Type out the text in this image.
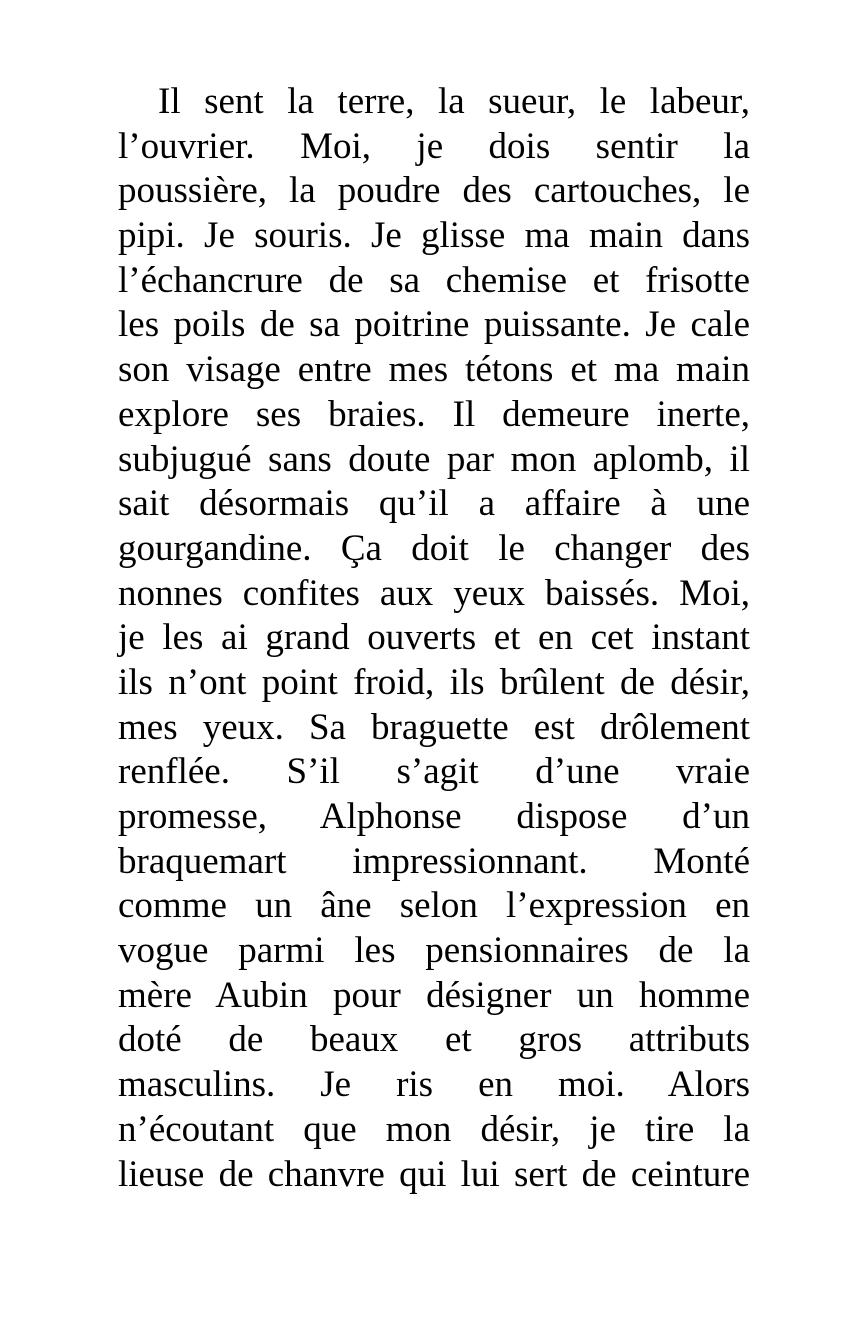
Il sent la terre, la sueur, le labeur,
l’ouvrier. Moi, je dois sentir la
poussière, la poudre des cartouches, le
pipi. Je souris. Je glisse ma main dans
l’échancrure de sa chemise et frisotte
les poils de sa poitrine puissante. Je cale
son visage entre mes tétons et ma main
explore ses braies. Il demeure inerte,
subjugué sans doute par mon aplomb, il
sait désormais qu’il a affaire à une
gourgandine. Ça doit le changer des
nonnes confites aux yeux baissés. Moi,
je les ai grand ouverts et en cet instant
ils n’ont point froid, ils brûlent de désir,
mes yeux. Sa braguette est drôlement
renflée. S’il s’agit d’une vraie
promesse, Alphonse dispose d’un
braquemart impressionnant. Monté
comme un âne selon l’expression en
vogue parmi les pensionnaires de la
mère Aubin pour désigner un homme
doté de beaux et gros attributs
masculins. Je ris en moi. Alors
n’écoutant que mon désir, je tire la
lieuse de chanvre qui lui sert de ceinture
